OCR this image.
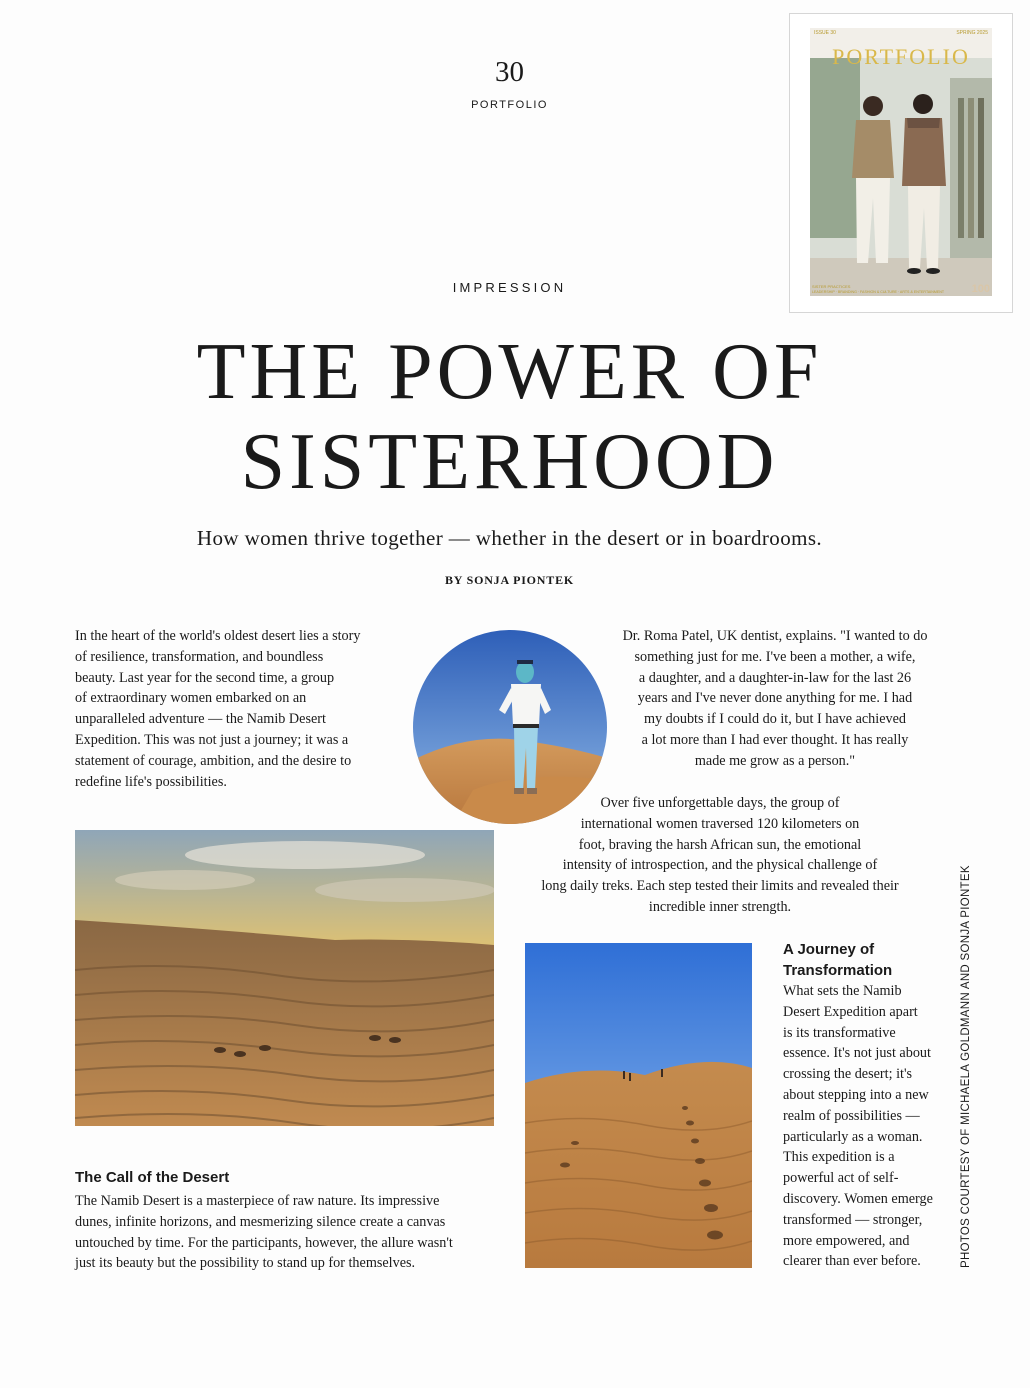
30
PORTFOLIO
ISSUE 30	SPRING 2025
PORTFOLIO
SISTER PRACTICES
LEADERSHIP · BRANDING · FASHION & CULTURE · ARTS & ENTERTAINMENT	100
IMPRESSION
THE POWER OF
SISTERHOOD
How women thrive together — whether in the desert or in boardrooms.
BY SONJA PIONTEK
In the heart of the world's oldest desert lies a story
of resilience, transformation, and boundless
beauty. Last year for the second time, a group
of extraordinary women embarked on an
unparalleled adventure — the Namib Desert
Expedition. This was not just a journey; it was a
statement of courage, ambition, and the desire to
redefine life's possibilities.
Dr. Roma Patel, UK dentist, explains. "I wanted to do
something just for me. I've been a mother, a wife,
a daughter, and a daughter-in-law for the last 26
years and I've never done anything for me. I had
my doubts if I could do it, but I have achieved
a lot more than I had ever thought. It has really
made me grow as a person."
Over five unforgettable days, the group of
international women traversed 120 kilometers on
foot, braving the harsh African sun, the emotional
intensity of introspection, and the physical challenge of
long daily treks. Each step tested their limits and revealed their
incredible inner strength.
The Call of the Desert
The Namib Desert is a masterpiece of raw nature. Its impressive
dunes, infinite horizons, and mesmerizing silence create a canvas
untouched by time. For the participants, however, the allure wasn't
just its beauty but the possibility to stand up for themselves.
A Journey of
Transformation
What sets the Namib
Desert Expedition apart
is its transformative
essence. It's not just about
crossing the desert; it's
about stepping into a new
realm of possibilities —
particularly as a woman.
This expedition is a
powerful act of self-
discovery. Women emerge
transformed — stronger,
more empowered, and
clearer than ever before.	PHOTOS COURTESY OF MICHAELA GOLDMANN AND SONJA PIONTEK
